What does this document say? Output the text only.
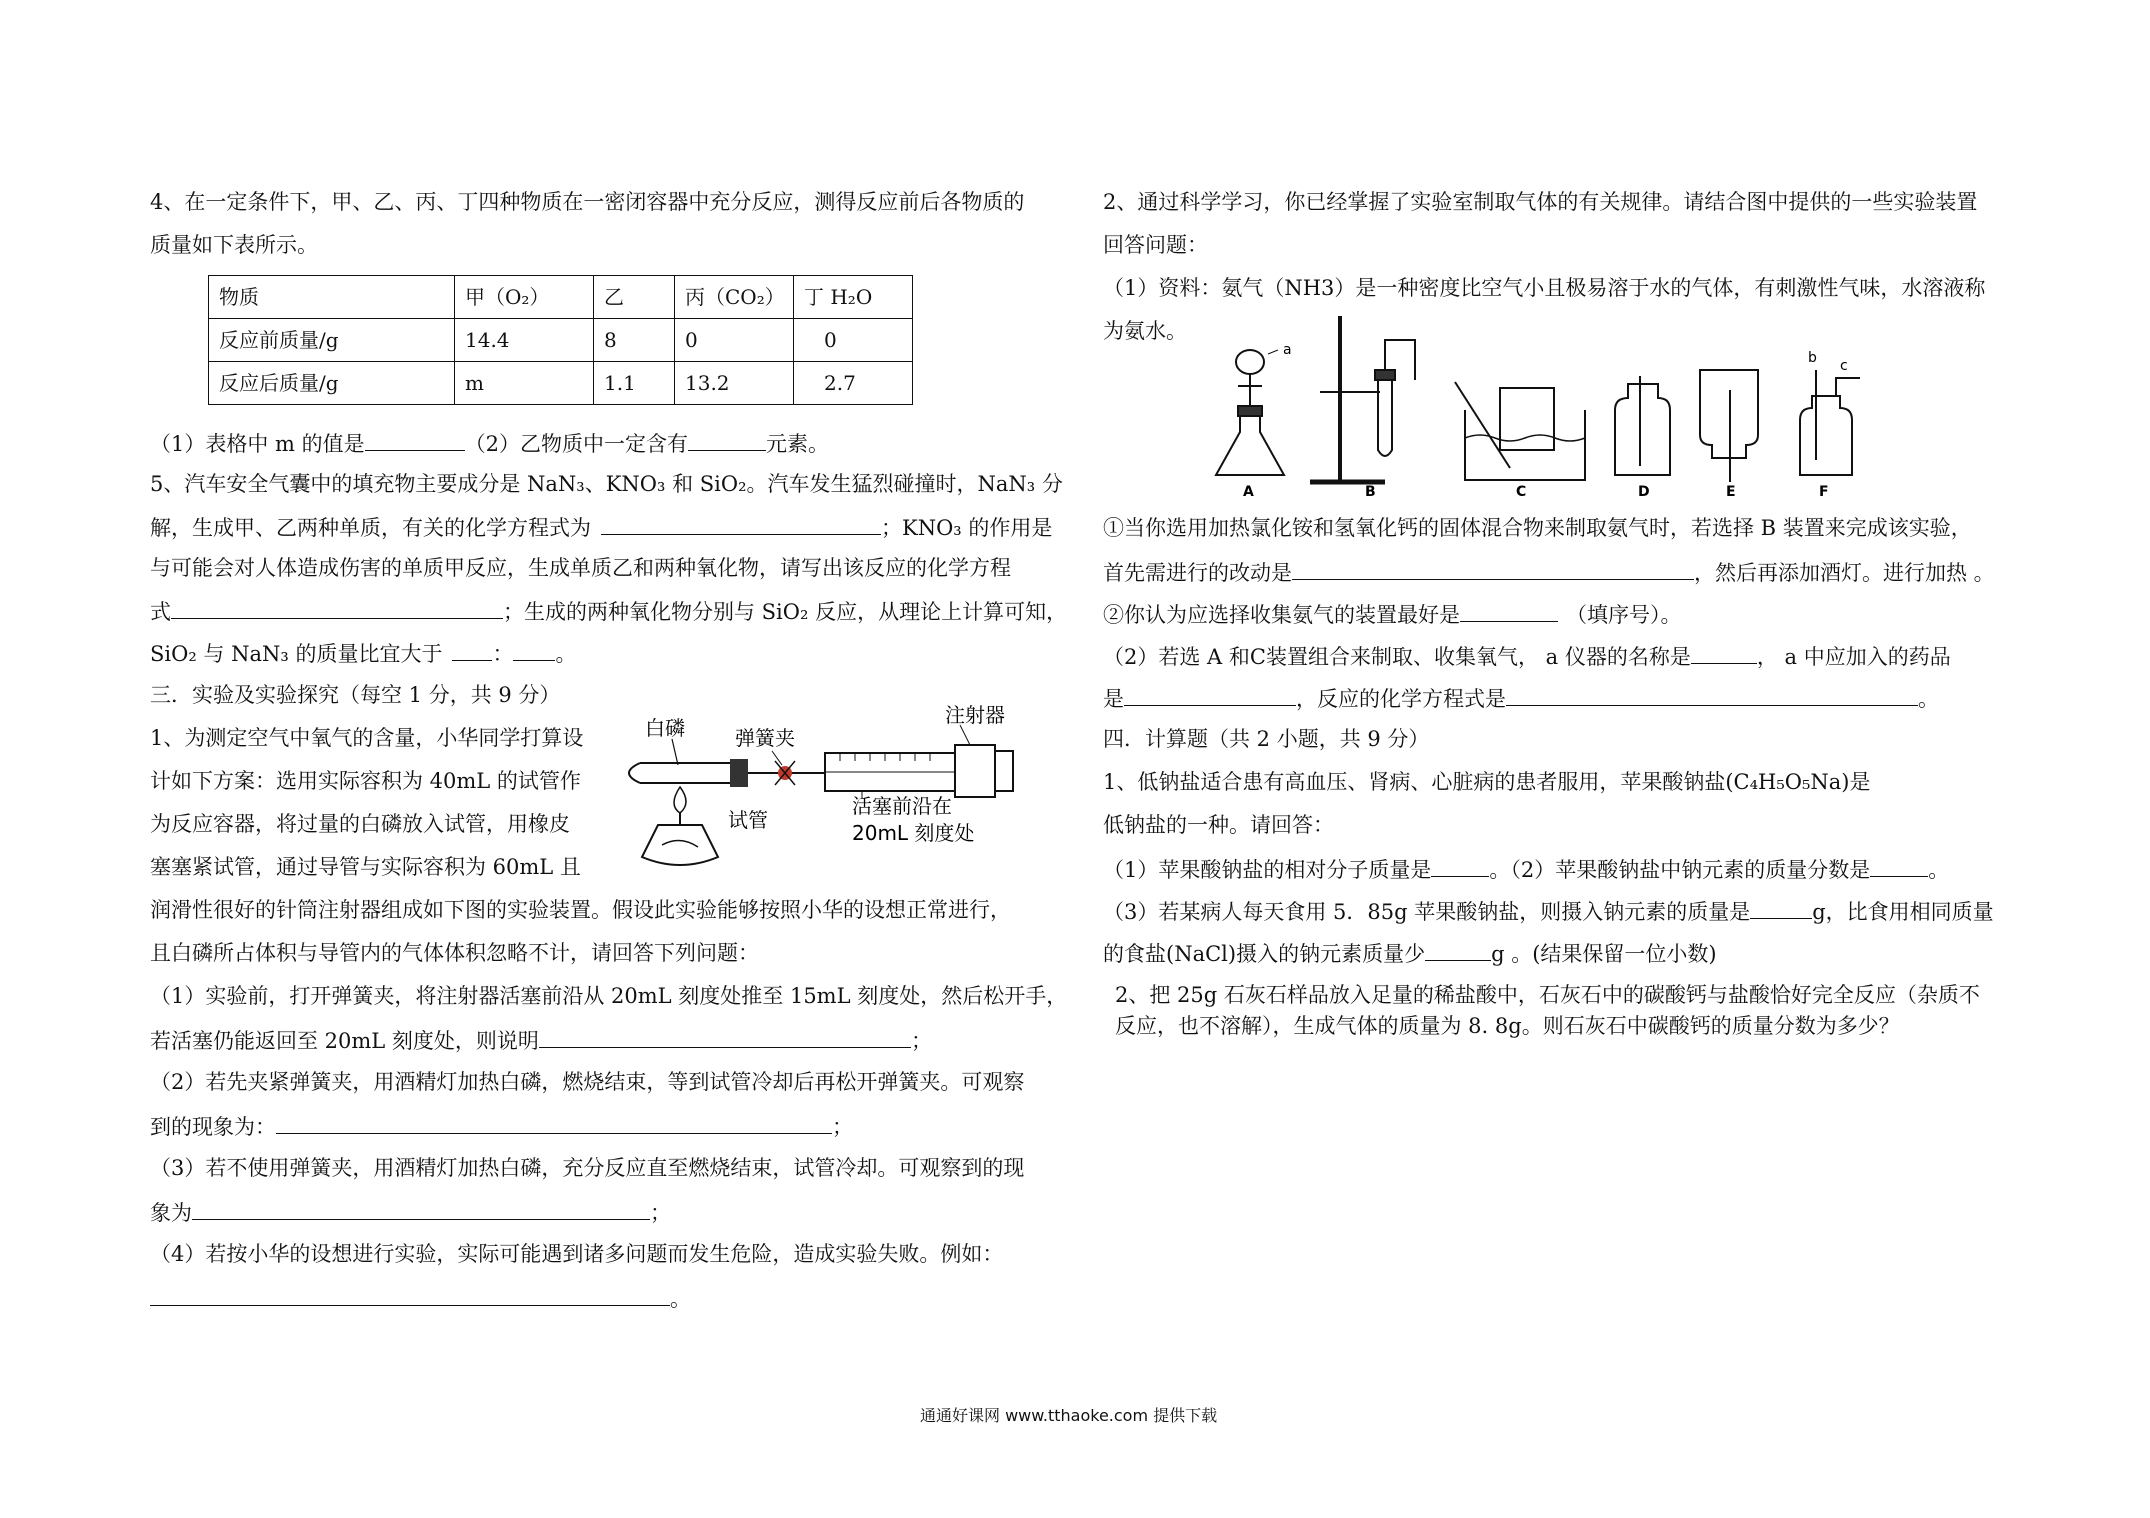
4、在一定条件下，甲、乙、丙、丁四种物质在一密闭容器中充分反应，测得反应前后各物质的
质量如下表所示。
物质	甲（O₂）	乙	丙（CO₂）	丁 H₂O
反应前质量/g	14.4	8	0	0
反应后质量/g	m	1.1	13.2	2.7
（1）表格中 m 的值是	（2）乙物质中一定含有	元素。
5、汽车安全气囊中的填充物主要成分是 NaN₃、KNO₃ 和 SiO₂。汽车发生猛烈碰撞时，NaN₃ 分
解，生成甲、乙两种单质，有关的化学方程式为	；KNO₃ 的作用是
与可能会对人体造成伤害的单质甲反应，生成单质乙和两种氧化物，请写出该反应的化学方程
式	；生成的两种氧化物分别与 SiO₂ 反应，从理论上计算可知，
SiO₂ 与 NaN₃ 的质量比宜大于 ： 。
三．实验及实验探究（每空 1 分，共 9 分）
1、为测定空气中氧气的含量，小华同学打算设
计如下方案：选用实际容积为 40mL 的试管作
为反应容器，将过量的白磷放入试管，用橡皮
塞塞紧试管，通过导管与实际容积为 60mL 且
白磷	弹簧夹
注射器
试管
活塞前沿在
20mL 刻度处
润滑性很好的针筒注射器组成如下图的实验装置。假设此实验能够按照小华的设想正常进行，
且白磷所占体积与导管内的气体体积忽略不计，请回答下列问题：
（1）实验前，打开弹簧夹，将注射器活塞前沿从 20mL 刻度处推至 15mL 刻度处，然后松开手，
若活塞仍能返回至 20mL 刻度处，则说明	；
（2）若先夹紧弹簧夹，用酒精灯加热白磷，燃烧结束，等到试管冷却后再松开弹簧夹。可观察
到的现象为：	；
（3）若不使用弹簧夹，用酒精灯加热白磷，充分反应直至燃烧结束，试管冷却。可观察到的现
象为	；
（4）若按小华的设想进行实验，实际可能遇到诸多问题而发生危险，造成实验失败。例如：
。
2、通过科学学习，你已经掌握了实验室制取气体的有关规律。请结合图中提供的一些实验装置
回答问题：
（1）资料：氨气（NH3）是一种密度比空气小且极易溶于水的气体，有刺激性气味，水溶液称
为氨水。
a
A	B	C	D	E
b c
F
①当你选用加热氯化铵和氢氧化钙的固体混合物来制取氨气时，若选择 B 装置来完成该实验，
首先需进行的改动是	，然后再添加酒灯。进行加热 。
②你认为应选择收集氨气的装置最好是	（填序号）。
（2）若选 A 和C装置组合来制取、收集氧气， a 仪器的名称是	， a 中应加入的药品
是	，反应的化学方程式是	。
四．计算题（共 2 小题，共 9 分）
1、低钠盐适合患有高血压、肾病、心脏病的患者服用，苹果酸钠盐(C₄H₅O₅Na)是
低钠盐的一种。请回答：
（1）苹果酸钠盐的相对分子质量是	。（2）苹果酸钠盐中钠元素的质量分数是	。
（3）若某病人每天食用 5．85g 苹果酸钠盐，则摄入钠元素的质量是	g，比食用相同质量
的食盐(NaCl)摄入的钠元素质量少	g 。(结果保留一位小数)
2、把 25g 石灰石样品放入足量的稀盐酸中，石灰石中的碳酸钙与盐酸恰好完全反应（杂质不
反应，也不溶解），生成气体的质量为 8. 8g。则石灰石中碳酸钙的质量分数为多少？
通通好课网 www.tthaoke.com 提供下载
